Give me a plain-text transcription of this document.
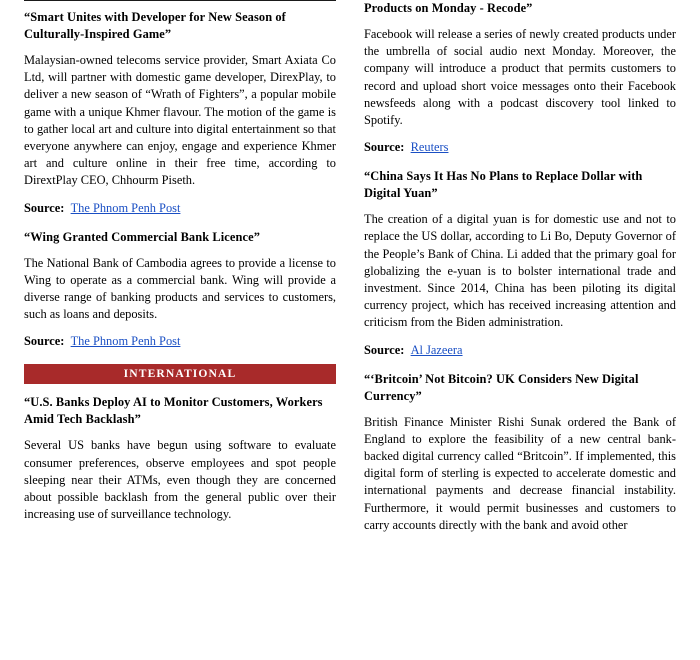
“Smart Unites with Developer for New Season of Culturally-Inspired Game”
Malaysian-owned telecoms service provider, Smart Axiata Co Ltd, will partner with domestic game developer, DirexPlay, to deliver a new season of “Wrath of Fighters”, a popular mobile game with a unique Khmer flavour. The motion of the game is to gather local art and culture into digital entertainment so that everyone anywhere can enjoy, engage and experience Khmer art and culture online in their free time, according to DirextPlay CEO, Chhourm Piseth.
Source: The Phnom Penh Post
“Wing Granted Commercial Bank Licence”
The National Bank of Cambodia agrees to provide a license to Wing to operate as a commercial bank. Wing will provide a diverse range of banking products and services to customers, such as loans and deposits.
Source: The Phnom Penh Post
INTERNATIONAL
“U.S. Banks Deploy AI to Monitor Customers, Workers Amid Tech Backlash”
Several US banks have begun using software to evaluate consumer preferences, observe employees and spot people sleeping near their ATMs, even though they are concerned about possible backlash from the general public over their increasing use of surveillance technology.
Products on Monday - Recode”
Facebook will release a series of newly created products under the umbrella of social audio next Monday. Moreover, the company will introduce a product that permits customers to record and upload short voice messages onto their Facebook newsfeeds along with a podcast discovery tool linked to Spotify.
Source: Reuters
“China Says It Has No Plans to Replace Dollar with Digital Yuan”
The creation of a digital yuan is for domestic use and not to replace the US dollar, according to Li Bo, Deputy Governor of the People’s Bank of China. Li added that the primary goal for globalizing the e-yuan is to bolster international trade and investment. Since 2014, China has been piloting its digital currency project, which has received increasing attention and criticism from the Biden administration.
Source: Al Jazeera
“‘Britcoin’ Not Bitcoin? UK Considers New Digital Currency”
British Finance Minister Rishi Sunak ordered the Bank of England to explore the feasibility of a new central bank-backed digital currency called “Britcoin”. If implemented, this digital form of sterling is expected to accelerate domestic and international payments and decrease financial instability. Furthermore, it would permit businesses and customers to carry accounts directly with the bank and avoid other
